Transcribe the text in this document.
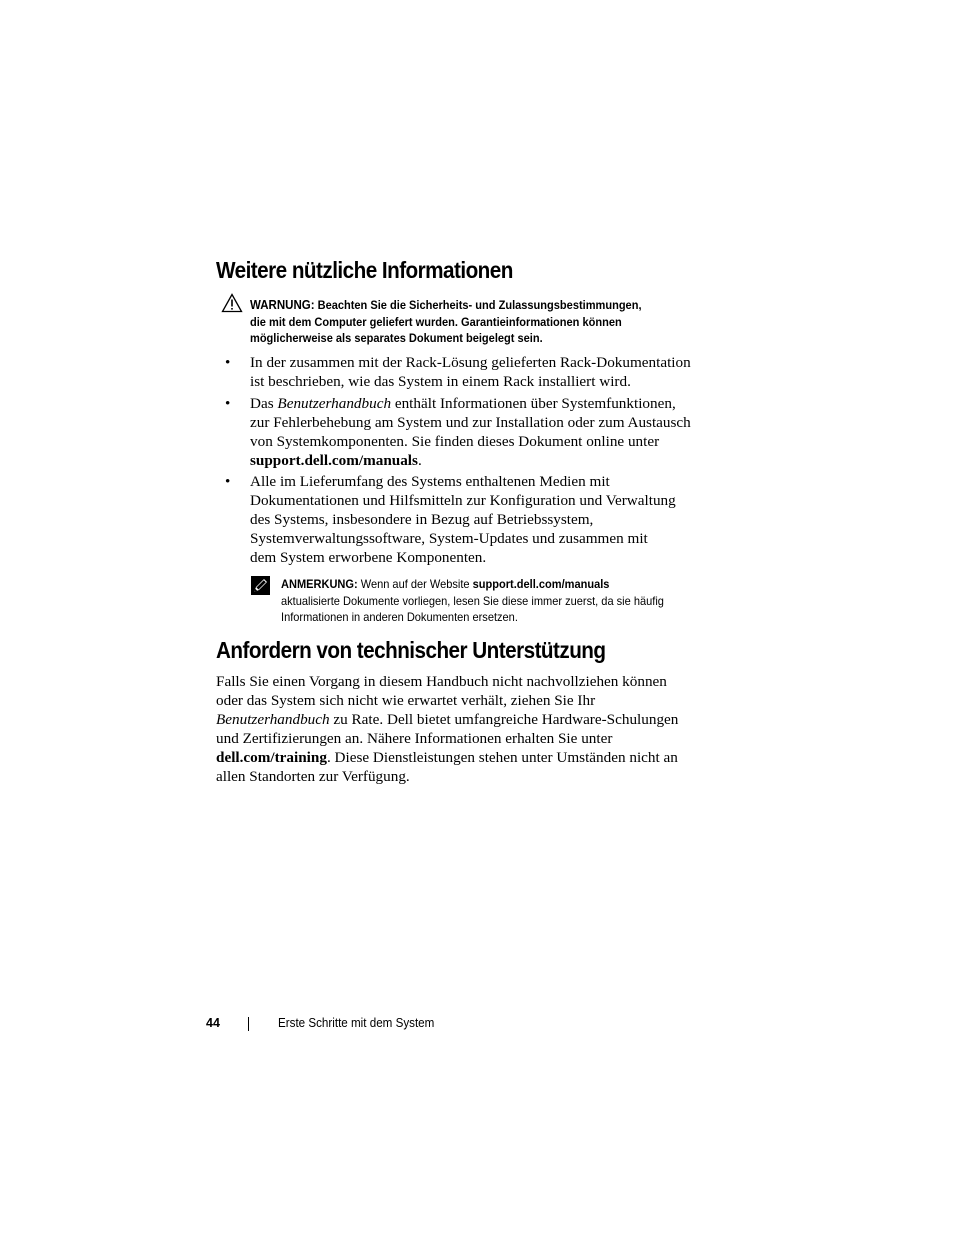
Weitere nützliche Informationen
WARNUNG: Beachten Sie die Sicherheits- und Zulassungsbestimmungen,
die mit dem Computer geliefert wurden. Garantieinformationen können
möglicherweise als separates Dokument beigelegt sein.
• In der zusammen mit der Rack-Lösung gelieferten Rack-Dokumentation
ist beschrieben, wie das System in einem Rack installiert wird.
• Das Benutzerhandbuch enthält Informationen über Systemfunktionen,
zur Fehlerbehebung am System und zur Installation oder zum Austausch
von Systemkomponenten. Sie finden dieses Dokument online unter
support.dell.com/manuals.
• Alle im Lieferumfang des Systems enthaltenen Medien mit
Dokumentationen und Hilfsmitteln zur Konfiguration und Verwaltung
des Systems, insbesondere in Bezug auf Betriebssystem,
Systemverwaltungssoftware, System-Updates und zusammen mit
dem System erworbene Komponenten.
ANMERKUNG: Wenn auf der Website support.dell.com/manuals
aktualisierte Dokumente vorliegen, lesen Sie diese immer zuerst, da sie häufig
Informationen in anderen Dokumenten ersetzen.
Anfordern von technischer Unterstützung
Falls Sie einen Vorgang in diesem Handbuch nicht nachvollziehen können
oder das System sich nicht wie erwartet verhält, ziehen Sie Ihr
Benutzerhandbuch zu Rate. Dell bietet umfangreiche Hardware-Schulungen
und Zertifizierungen an. Nähere Informationen erhalten Sie unter
dell.com/training. Diese Dienstleistungen stehen unter Umständen nicht an
allen Standorten zur Verfügung.
44	Erste Schritte mit dem System
